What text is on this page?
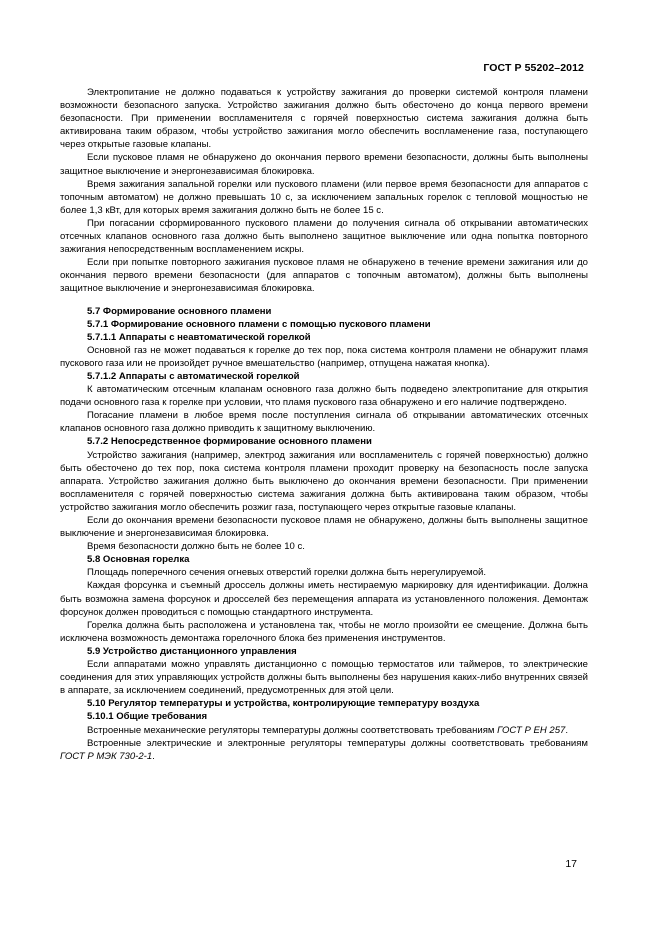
ГОСТ Р 55202–2012

Электропитание не должно подаваться к устройству зажигания до проверки системой контроля пламени возможности безопасного запуска. Устройство зажигания должно быть обесточено до конца первого времени безопасности. При применении воспламенителя с горячей поверхностью система зажигания должна быть активирована таким образом, чтобы устройство зажигания могло обеспечить воспламенение газа, поступающего через открытые газовые клапаны.

Если пусковое пламя не обнаружено до окончания первого времени безопасности, должны быть выполнены защитное выключение и энергонезависимая блокировка.

Время зажигания запальной горелки или пускового пламени (или первое время безопасности для аппаратов с топочным автоматом) не должно превышать 10 с, за исключением запальных горелок с тепловой мощностью не более 1,3 кВт, для которых время зажигания должно быть не более 15 с.

При погасании сформированного пускового пламени до получения сигнала об открывании автоматических отсечных клапанов основного газа должно быть выполнено защитное выключение или одна попытка повторного зажигания непосредственным воспламенением искры.

Если при попытке повторного зажигания пусковое пламя не обнаружено в течение времени зажигания или до окончания первого времени безопасности (для аппаратов с топочным автоматом), должны быть выполнены защитное выключение и энергонезависимая блокировка.

5.7 Формирование основного пламени

5.7.1 Формирование основного пламени с помощью пускового пламени

5.7.1.1 Аппараты с неавтоматической горелкой

Основной газ не может подаваться к горелке до тех пор, пока система контроля пламени не обнаружит пламя пускового газа или не произойдет ручное вмешательство (например, отпущена нажатая кнопка).

5.7.1.2 Аппараты с автоматической горелкой

К автоматическим отсечным клапанам основного газа должно быть подведено электропитание для открытия подачи основного газа к горелке при условии, что пламя пускового газа обнаружено и его наличие подтверждено.

Погасание пламени в любое время после поступления сигнала об открывании автоматических отсечных клапанов основного газа должно приводить к защитному выключению.

5.7.2 Непосредственное формирование основного пламени

Устройство зажигания (например, электрод зажигания или воспламенитель с горячей поверхностью) должно быть обесточено до тех пор, пока система контроля пламени проходит проверку на безопасность после запуска аппарата. Устройство зажигания должно быть выключено до окончания времени безопасности. При применении воспламенителя с горячей поверхностью система зажигания должна быть активирована таким образом, чтобы устройство зажигания могло обеспечить розжиг газа, поступающего через открытые газовые клапаны.

Если до окончания времени безопасности пусковое пламя не обнаружено, должны быть выполнены защитное выключение и энергонезависимая блокировка.

Время безопасности должно быть не более 10 с.

5.8 Основная горелка

Площадь поперечного сечения огневых отверстий горелки должна быть нерегулируемой.

Каждая форсунка и съемный дроссель должны иметь нестираемую маркировку для идентификации. Должна быть возможна замена форсунок и дросселей без перемещения аппарата из установленного положения. Демонтаж форсунок должен проводиться с помощью стандартного инструмента.

Горелка должна быть расположена и установлена так, чтобы не могло произойти ее смещение. Должна быть исключена возможность демонтажа горелочного блока без применения инструментов.

5.9 Устройство дистанционного управления

Если аппаратами можно управлять дистанционно с помощью термостатов или таймеров, то электрические соединения для этих управляющих устройств должны быть выполнены без нарушения каких-либо внутренних связей в аппарате, за исключением соединений, предусмотренных для этой цели.

5.10 Регулятор температуры и устройства, контролирующие температуру воздуха

5.10.1 Общие требования

Встроенные механические регуляторы температуры должны соответствовать требованиям ГОСТ Р ЕН 257.

Встроенные электрические и электронные регуляторы температуры должны соответствовать требованиям ГОСТ Р МЭК 730-2-1.

17
